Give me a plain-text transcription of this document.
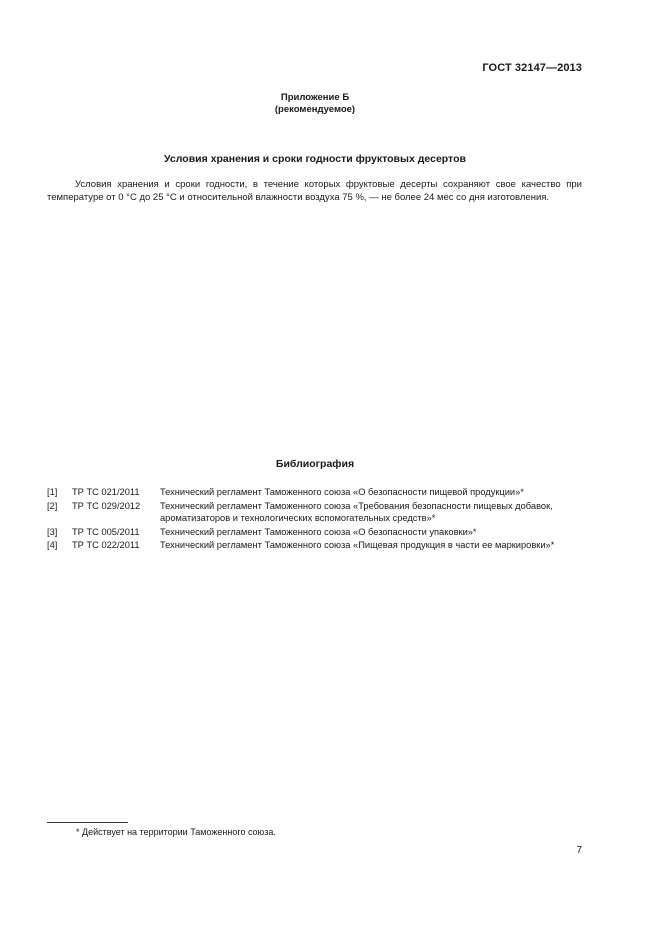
ГОСТ 32147—2013
Приложение Б
(рекомендуемое)
Условия хранения и сроки годности фруктовых десертов
Условия хранения и сроки годности, в течение которых фруктовые десерты сохраняют свое качество при температуре от 0 °С до 25 °С и относительной влажности воздуха 75 %, — не более 24 мес со дня изготовления.
Библиография
[1]	ТР ТС 021/2011	Технический регламент Таможенного союза «О безопасности пищевой продукции»*
[2]	ТР ТС 029/2012	Технический регламент Таможенного союза «Требования безопасности пищевых добавок, ароматизаторов и технологических вспомогательных средств»*
[3]	ТР ТС 005/2011	Технический регламент Таможенного союза «О безопасности упаковки»*
[4]	ТР ТС 022/2011	Технический регламент Таможенного союза «Пищевая продукция в части ее маркировки»*
* Действует на территории Таможенного союза.
7
